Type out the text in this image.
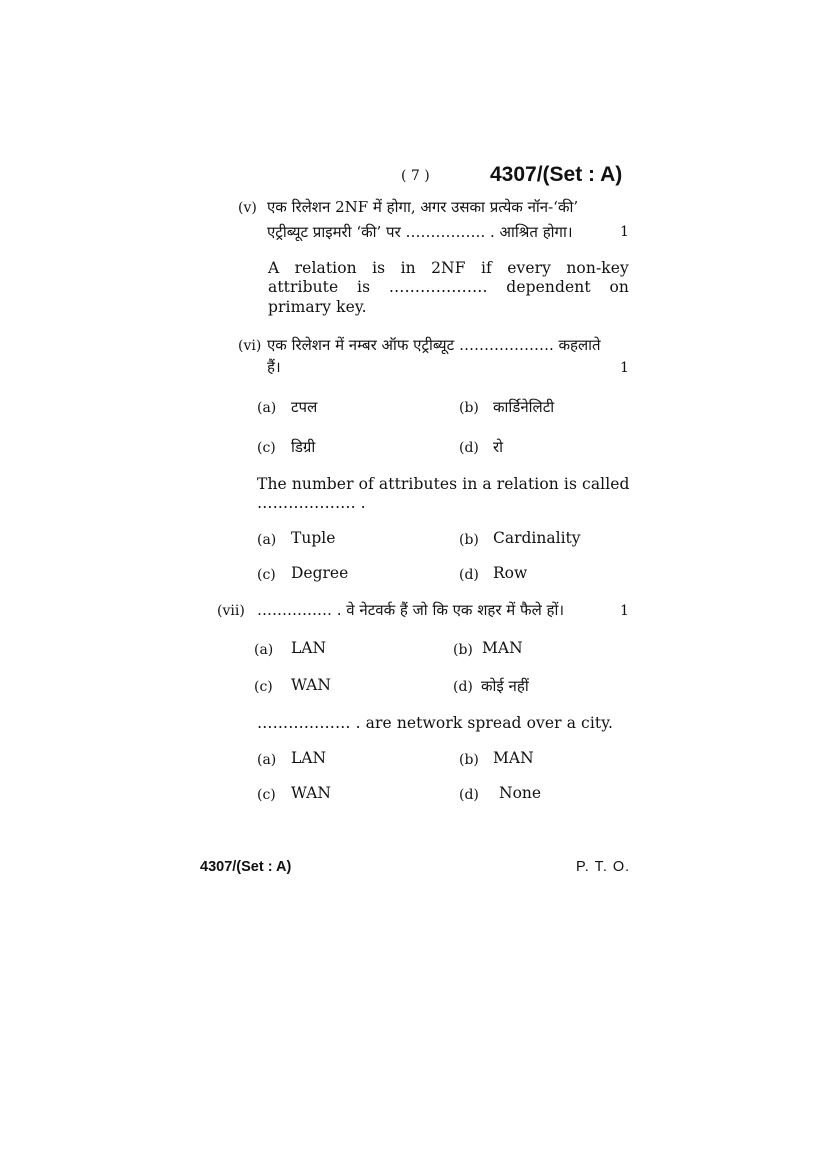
( 7 )	4307/(Set : A)
(v) एक रिलेशन 2NF में होगा, अगर उसका प्रत्येक नॉन-‘की’
एट्रीब्यूट प्राइमरी ‘की’ पर ……………. . आश्रित होगा।	1
A relation is in 2NF if every non-key
attribute is ………………. dependent on
primary key.
(vi) एक रिलेशन में नम्बर ऑफ एट्रीब्यूट ………………. कहलाते
हैं।	1
(a) टपल	(b) कार्डिनेलिटी
(c) डिग्री	(d) रो
The number of attributes in a relation is called
………………. .
(a) Tuple	(b) Cardinality
(c) Degree	(d) Row
(vii) …………… . वे नेटवर्क हैं जो कि एक शहर में फैले हों।	1
(a) LAN	(b) MAN
(c) WAN	(d) कोई नहीं
……………… . are network spread over a city.
(a) LAN	(b) MAN
(c) WAN	(d) None
4307/(Set : A)	P. T. O.
